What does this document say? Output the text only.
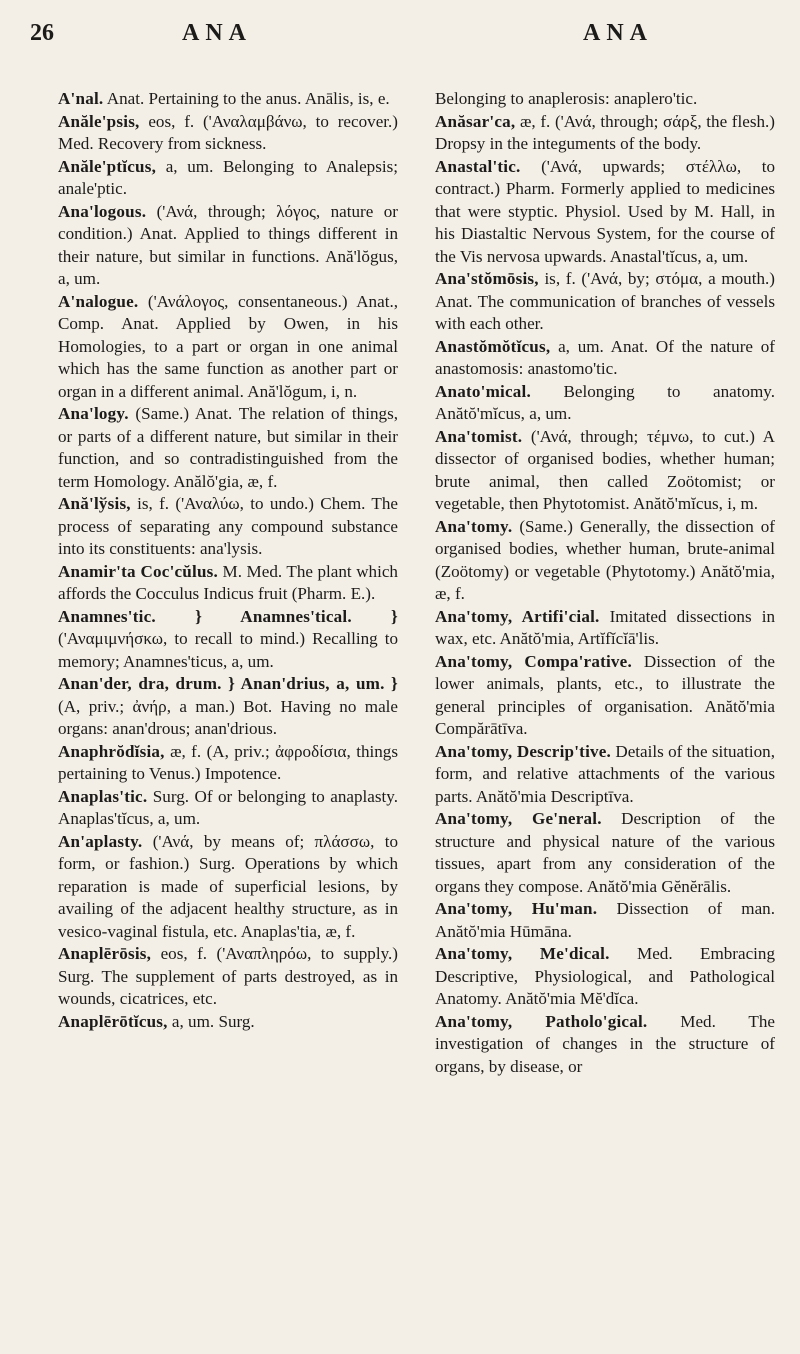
26	ANA	ANA

A'nal. Anat. Pertaining to the anus. Anālis, is, e.

Anăle'psis, eos, f. ('Αναλαμβάνω, to recover.) Med. Recovery from sickness.

Anăle'ptĭcus, a, um. Belonging to Analepsis; anale'ptic.

Ana'logous. ('Ανά, through; λόγος, nature or condition.) Anat. Applied to things different in their nature, but similar in functions. Ană'lŏgus, a, um.

A'nalogue. ('Ανάλογος, consentaneous.) Anat., Comp. Anat. Applied by Owen, in his Homologies, to a part or organ in one animal which has the same function as another part or organ in a different animal. Ană'lŏgum, i, n.

Ana'logy. (Same.) Anat. The relation of things, or parts of a different nature, but similar in their function, and so contradistinguished from the term Homology. Anălŏ'gia, æ, f.

Ană'lўsis, is, f. ('Αναλύω, to undo.) Chem. The process of separating any compound substance into its constituents: ana'lysis.

Anamir'ta Coc'cŭlus. M. Med. The plant which affords the Cocculus Indicus fruit (Pharm. E.).

Anamnes'tic. } Anamnes'tical. } ('Αναμιμνήσκω, to recall to mind.) Recalling to memory; Anamnes'ticus, a, um.

Anan'der, dra, drum. } Anan'drius, a, um. } (A, priv.; ἀνήρ, a man.) Bot. Having no male organs: anan'drous; anan'drious.

Anaphrŏdĭsia, æ, f. (A, priv.; ἀφροδίσια, things pertaining to Venus.) Impotence.

Anaplas'tic. Surg. Of or belonging to anaplasty. Anaplas'tĭcus, a, um.

An'aplasty. ('Ανά, by means of; πλάσσω, to form, or fashion.) Surg. Operations by which reparation is made of superficial lesions, by availing of the adjacent healthy structure, as in vesico-vaginal fistula, etc. Anaplas'tia, æ, f.

Anaplērōsis, eos, f. ('Αναπληρόω, to supply.) Surg. The supplement of parts destroyed, as in wounds, cicatrices, etc.

Anaplērōtĭcus, a, um. Surg.

Belonging to anaplerosis: anaplero'tic.

Anăsar'ca, æ, f. ('Ανά, through; σάρξ, the flesh.) Dropsy in the integuments of the body.

Anastal'tic. ('Ανά, upwards; στέλλω, to contract.) Pharm. Formerly applied to medicines that were styptic. Physiol. Used by M. Hall, in his Diastaltic Nervous System, for the course of the Vis nervosa upwards. Anastal'tĭcus, a, um.

Ana'stŏmōsis, is, f. ('Ανά, by; στόμα, a mouth.) Anat. The communication of branches of vessels with each other.

Anastŏmŏtĭcus, a, um. Anat. Of the nature of anastomosis: anastomo'tic.

Anato'mical. Belonging to anatomy. Anătŏ'mĭcus, a, um.

Ana'tomist. ('Ανά, through; τέμνω, to cut.) A dissector of organised bodies, whether human; brute animal, then called Zoötomist; or vegetable, then Phytotomist. Anătŏ'mĭcus, i, m.

Ana'tomy. (Same.) Generally, the dissection of organised bodies, whether human, brute-animal (Zoötomy) or vegetable (Phytotomy.) Anătŏ'mia, æ, f.

Ana'tomy, Artifi'cial. Imitated dissections in wax, etc. Anătŏ'mia, Artĭfĭcĭā'lis.

Ana'tomy, Compa'rative. Dissection of the lower animals, plants, etc., to illustrate the general principles of organisation. Anătŏ'mia Compărātīva.

Ana'tomy, Descrip'tive. Details of the situation, form, and relative attachments of the various parts. Anătŏ'mia Descriptīva.

Ana'tomy, Ge'neral. Description of the structure and physical nature of the various tissues, apart from any consideration of the organs they compose. Anătŏ'mia Gĕnĕrālis.

Ana'tomy, Hu'man. Dissection of man. Anătŏ'mia Hūmāna.

Ana'tomy, Me'dical. Med. Embracing Descriptive, Physiological, and Pathological Anatomy. Anătŏ'mia Mĕ'dĭca.

Ana'tomy, Patholo'gical. Med. The investigation of changes in the structure of organs, by disease, or
